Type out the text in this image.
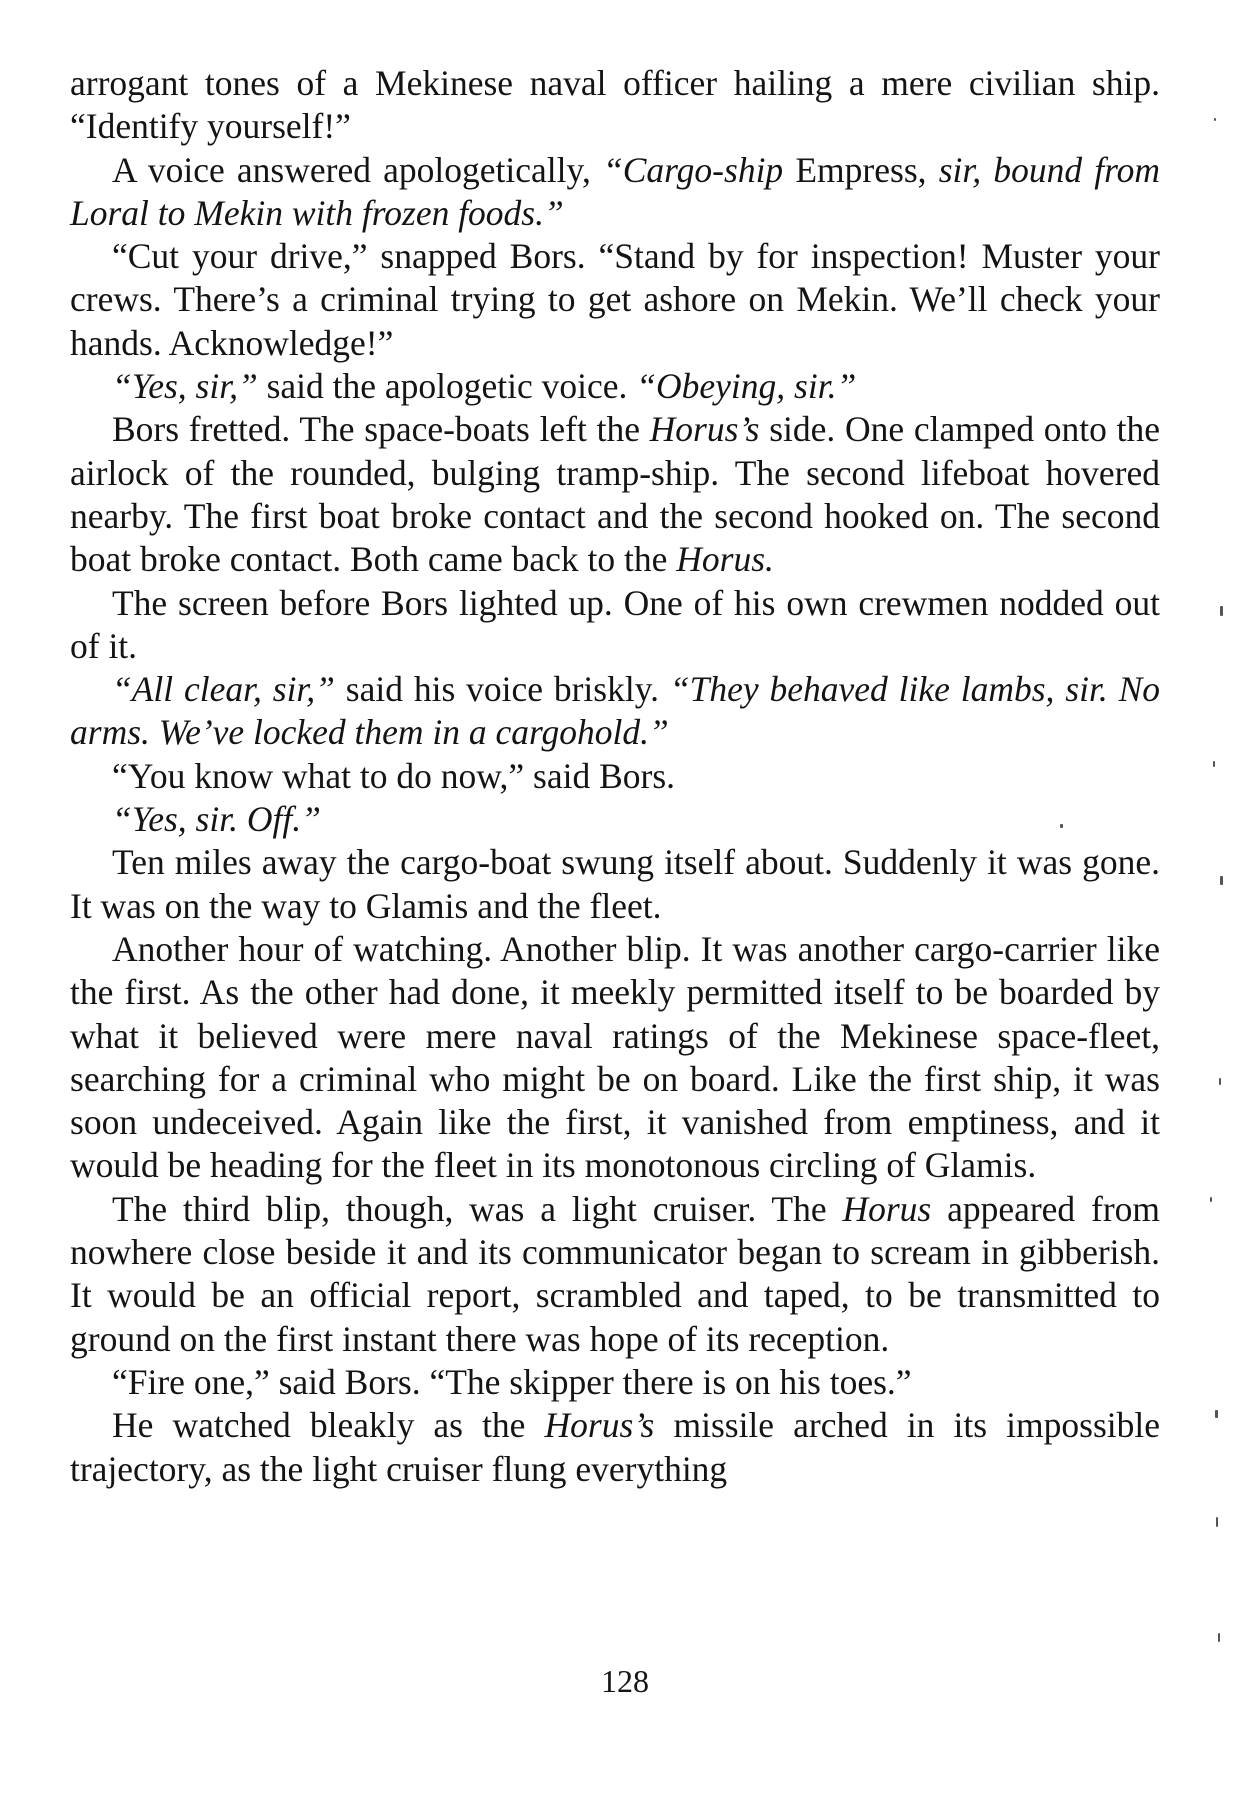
arrogant tones of a Mekinese naval officer hailing a mere civilian ship. “Identify yourself!”

A voice answered apologetically, “Cargo-ship Empress, sir, bound from Loral to Mekin with frozen foods.”

“Cut your drive,” snapped Bors. “Stand by for inspection! Muster your crews. There’s a criminal trying to get ashore on Mekin. We’ll check your hands. Acknowledge!”

“Yes, sir,” said the apologetic voice. “Obeying, sir.”

Bors fretted. The space-boats left the Horus’s side. One clamped onto the airlock of the rounded, bulging tramp-ship. The second lifeboat hovered nearby. The first boat broke contact and the second hooked on. The second boat broke contact. Both came back to the Horus.

The screen before Bors lighted up. One of his own crewmen nodded out of it.

“All clear, sir,” said his voice briskly. “They behaved like lambs, sir. No arms. We’ve locked them in a cargohold.”

“You know what to do now,” said Bors.

“Yes, sir. Off.”

Ten miles away the cargo-boat swung itself about. Suddenly it was gone. It was on the way to Glamis and the fleet.

Another hour of watching. Another blip. It was another cargo-carrier like the first. As the other had done, it meekly permitted itself to be boarded by what it believed were mere naval ratings of the Mekinese space-fleet, searching for a criminal who might be on board. Like the first ship, it was soon undeceived. Again like the first, it vanished from emptiness, and it would be heading for the fleet in its monotonous circling of Glamis.

The third blip, though, was a light cruiser. The Horus appeared from nowhere close beside it and its communicator began to scream in gibberish. It would be an official report, scrambled and taped, to be transmitted to ground on the first instant there was hope of its reception.

“Fire one,” said Bors. “The skipper there is on his toes.”

He watched bleakly as the Horus’s missile arched in its impossible trajectory, as the light cruiser flung everything

128
